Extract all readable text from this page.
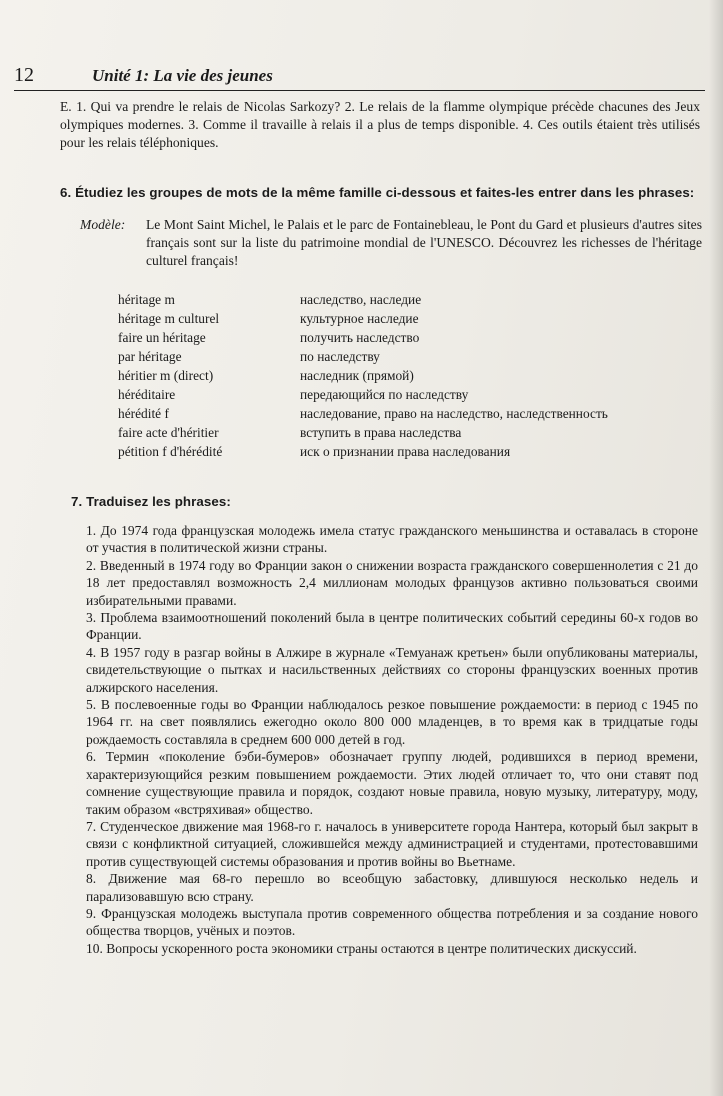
12	Unité 1: La vie des jeunes

E. 1. Qui va prendre le relais de Nicolas Sarkozy? 2. Le relais de la flamme olympique précède chacunes des Jeux olympiques modernes. 3. Comme il travaille à relais il a plus de temps disponible. 4. Ces outils étaient très utilisés pour les relais téléphoniques.

6. Étudiez les groupes de mots de la même famille ci-dessous et faites-les entrer dans les phrases:
Modèle: Le Mont Saint Michel, le Palais et le parc de Fontainebleau, le Pont du Gard et plusieurs d'autres sites français sont sur la liste du patrimoine mondial de l'UNESCO. Découvrez les richesses de l'héritage culturel français!
héritage m	наследство, наследие
héritage m culturel	культурное наследие
faire un héritage	получить наследство
par héritage	по наследству
héritier m (direct)	наследник (прямой)
héréditaire	передающийся по наследству
hérédité f	наследование, право на наследство, наследственность
faire acte d'héritier	вступить в права наследства
pétition f d'hérédité	иск о признании права наследования
7. Traduisez les phrases:

1. До 1974 года французская молодежь имела статус гражданского меньшинства и оставалась в стороне от участия в политической жизни страны.

2. Введенный в 1974 году во Франции закон о снижении возраста гражданского совершеннолетия с 21 до 18 лет предоставлял возможность 2,4 миллионам молодых французов активно пользоваться своими избирательными правами.

3. Проблема взаимоотношений поколений была в центре политических событий середины 60-х годов во Франции.

4. В 1957 году в разгар войны в Алжире в журнале «Темуанаж кретьен» были опубликованы материалы, свидетельствующие о пытках и насильственных действиях со стороны французских военных против алжирского населения.

5. В послевоенные годы во Франции наблюдалось резкое повышение рождаемости: в период с 1945 по 1964 гг. на свет появлялись ежегодно около 800 000 младенцев, в то время как в тридцатые годы рождаемость составляла в среднем 600 000 детей в год.

6. Термин «поколение бэби-бумеров» обозначает группу людей, родившихся в период времени, характеризующийся резким повышением рождаемости. Этих людей отличает то, что они ставят под сомнение существующие правила и порядок, создают новые правила, новую музыку, литературу, моду, таким образом «встряхивая» общество.

7. Студенческое движение мая 1968-го г. началось в университете города Нантера, который был закрыт в связи с конфликтной ситуацией, сложившейся между администрацией и студентами, протестовавшими против существующей системы образования и против войны во Вьетнаме.

8. Движение мая 68-го перешло во всеобщую забастовку, длившуюся несколько недель и парализовавшую всю страну.

9. Французская молодежь выступала против современного общества потребления и за создание нового общества творцов, учёных и поэтов.

10. Вопросы ускоренного роста экономики страны остаются в центре политических дискуссий.
